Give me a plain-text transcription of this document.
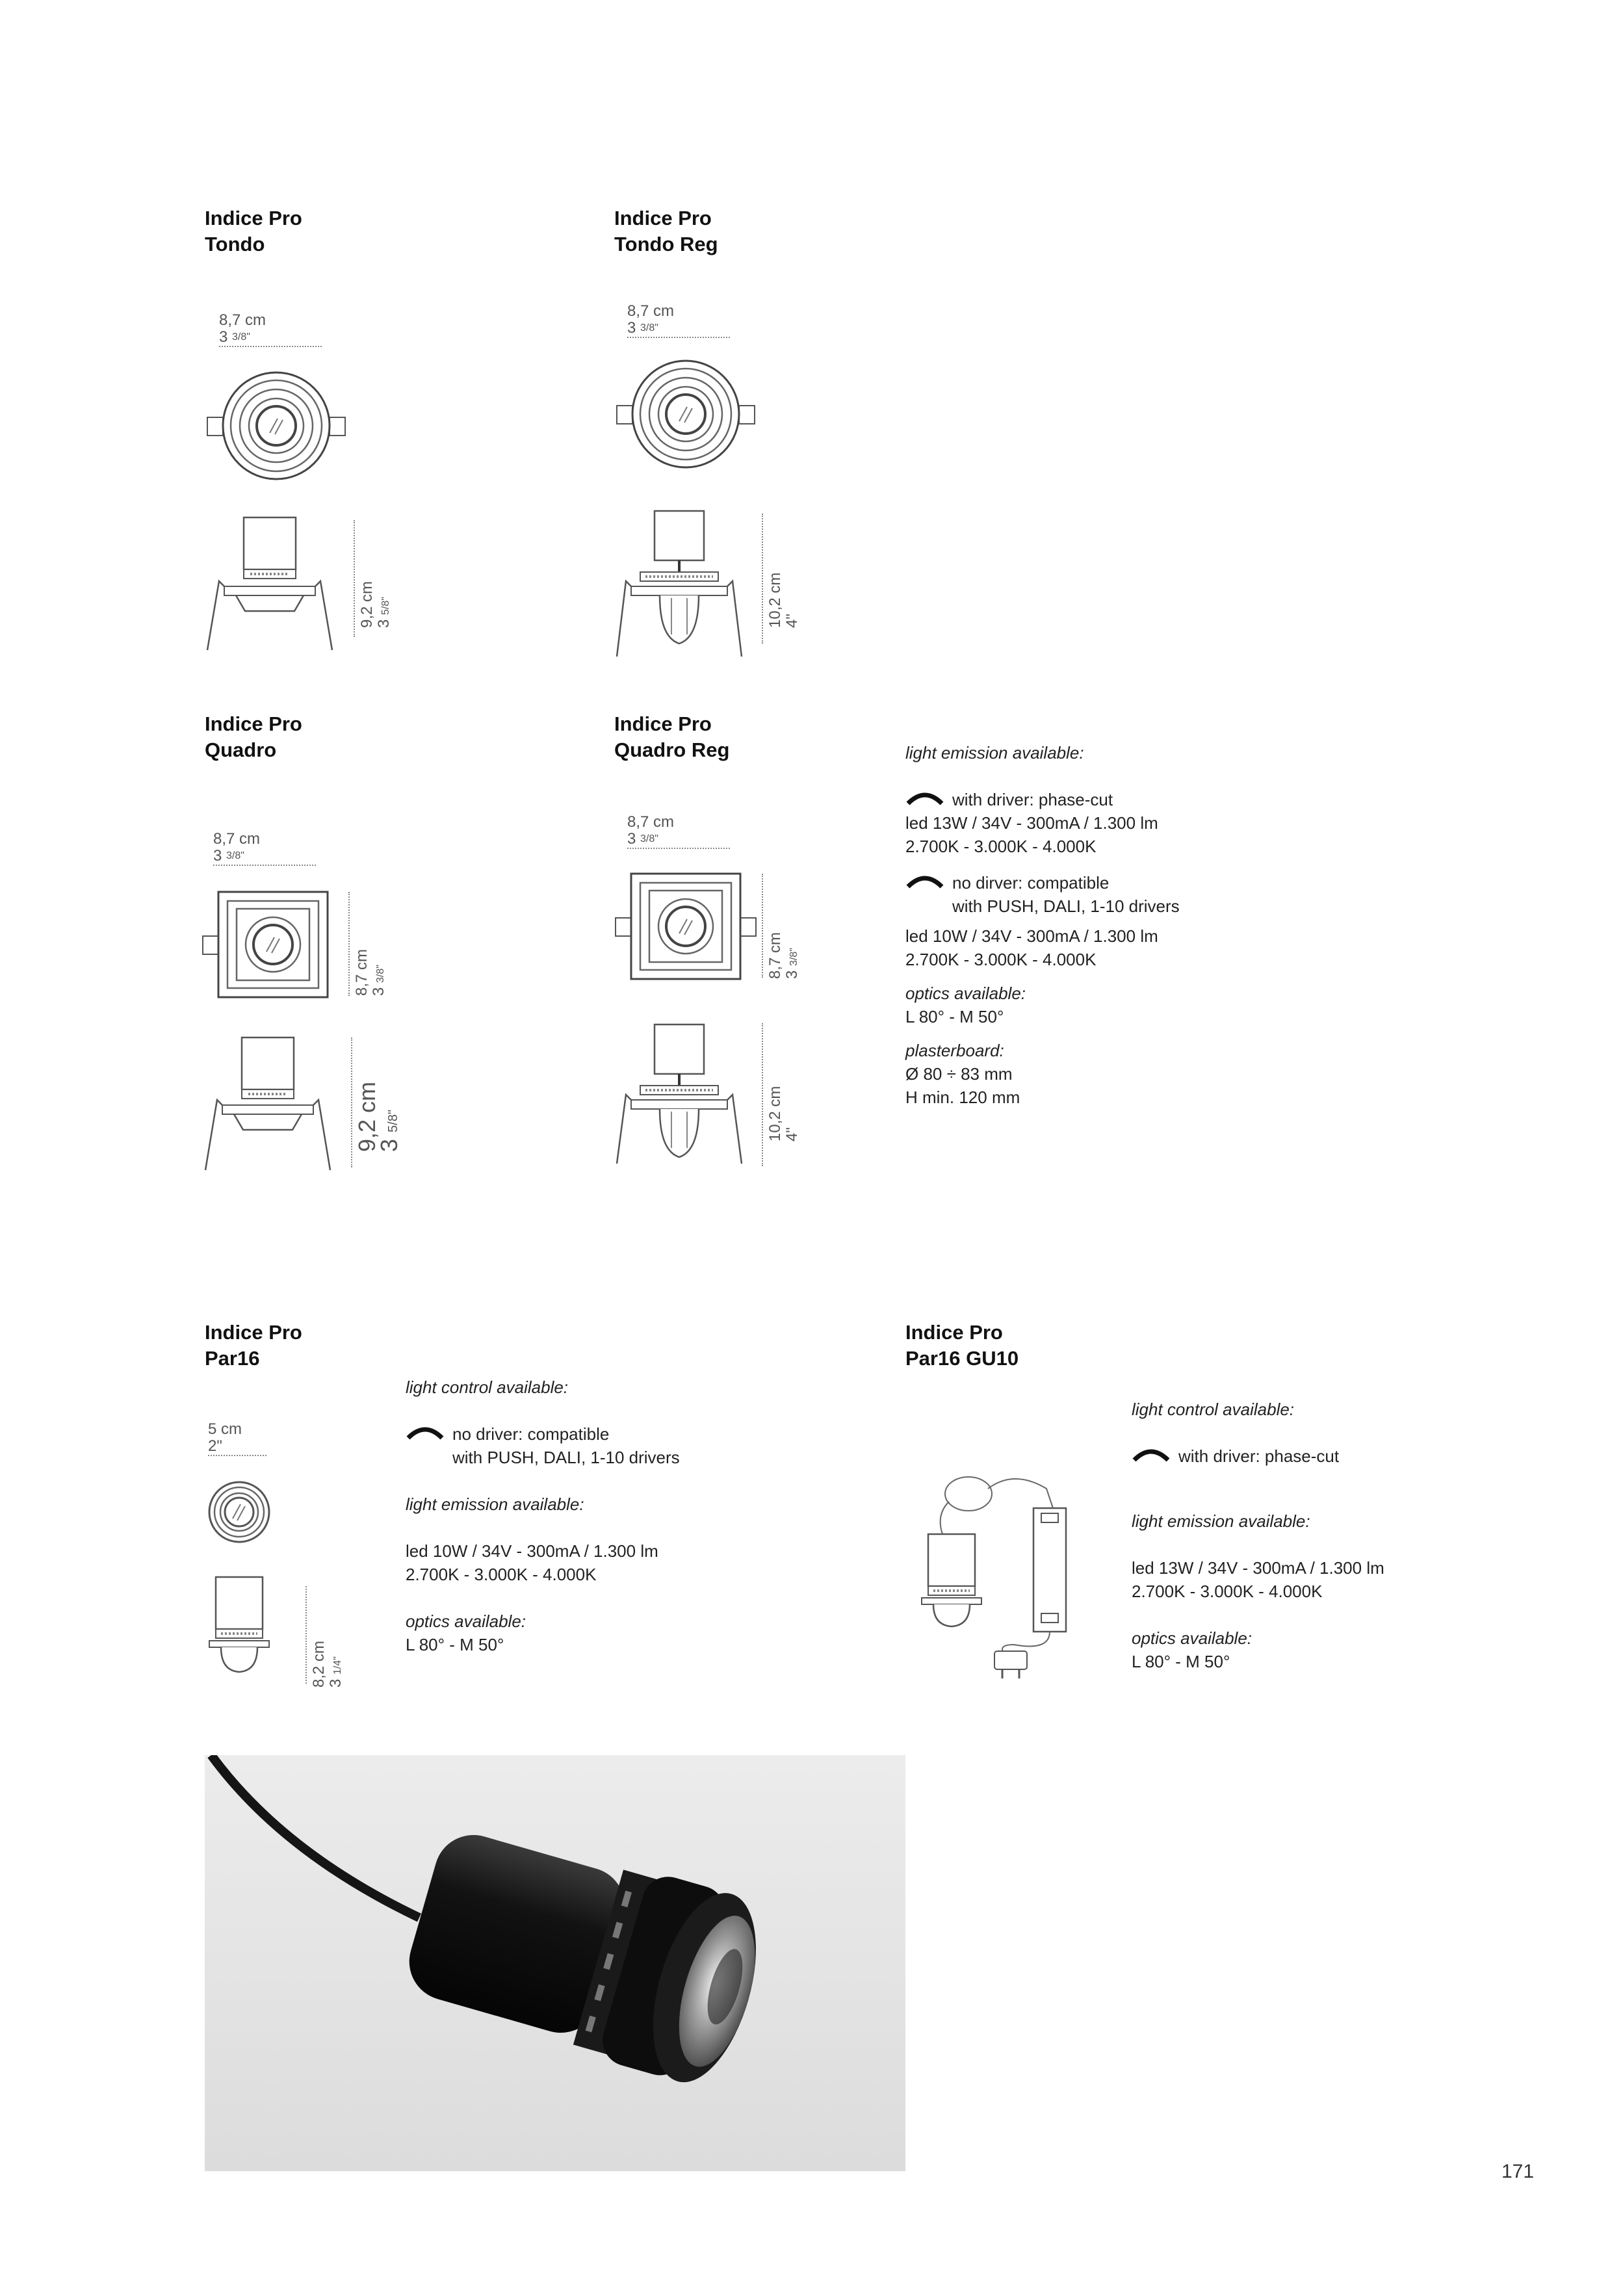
Indice Pro
Tondo
8,7 cm
3 $^{3/8"}$
9,2 cm 3 5/8"
Indice Pro
Tondo Reg
8,7 cm
3 $^{3/8"}$
10,2 cm 4"
Indice Pro
Quadro
8,7 cm
3 $^{3/8"}$
8,7 cm 3 3/8"
9,2 cm
3 5/8"
Indice Pro
Quadro Reg
8,7 cm
3 $^{3/8"}$
8,7 cm 3 3/8"
10,2 cm 4"
light emission available:
with driver: phase-cut
led 13W / 34V - 300mA / 1.300 lm
2.700K - 3.000K - 4.000K
no dirver: compatible
with PUSH, DALI, 1-10 drivers
led 10W / 34V - 300mA / 1.300 lm
2.700K - 3.000K - 4.000K
optics available:
L 80° - M 50°
plasterboard:
Ø 80 ÷ 83 mm
H min. 120 mm
Indice Pro
Par16
5 cm
2"
8,2 cm 3 1/4"
light control available:
no driver: compatible
with PUSH, DALI, 1-10 drivers
light emission available:
led 10W / 34V - 300mA / 1.300 lm
2.700K - 3.000K - 4.000K
optics available:
L 80° - M 50°
Indice Pro
Par16 GU10
light control available:
with driver: phase-cut
light emission available:
led 13W / 34V - 300mA / 1.300 lm
2.700K - 3.000K - 4.000K
optics available:
L 80° - M 50°
171
